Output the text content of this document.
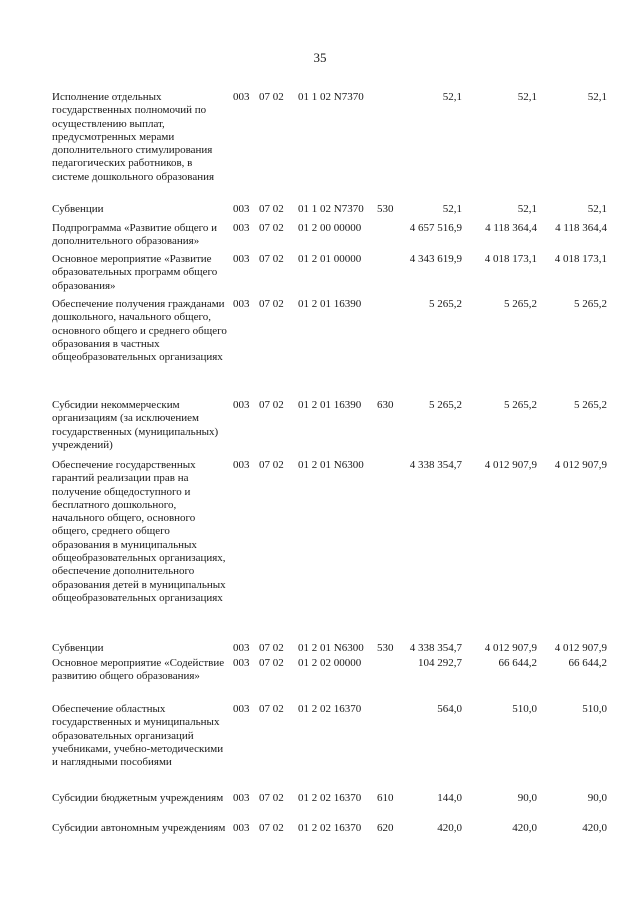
35
Исполнение отдельных государственных полномочий по осуществлению выплат, предусмотренных мерами дополнительного стимулирования педагогических работников, в системе дошкольного образования
003 07 02 01 1 02 N7370	52,1	52,1	52,1
Субвенции	003 07 02 01 1 02 N7370 530	52,1	52,1	52,1
Подпрограмма «Развитие общего и дополнительного образования»
003 07 02 01 2 00 00000	4 657 516,9	4 118 364,4	4 118 364,4
Основное мероприятие «Развитие образовательных программ общего образования»
003 07 02 01 2 01 00000	4 343 619,9	4 018 173,1	4 018 173,1
Обеспечение получения гражданами дошкольного, начального общего, основного общего и среднего общего образования в частных общеобразовательных организациях
003 07 02 01 2 01 16390	5 265,2	5 265,2	5 265,2
Субсидии некоммерческим организациям (за исключением государственных (муниципальных) учреждений)
003 07 02 01 2 01 16390 630	5 265,2	5 265,2	5 265,2
Обеспечение государственных гарантий реализации прав на получение общедоступного и бесплатного дошкольного, начального общего, основного общего, среднего общего образования в муниципальных общеобразовательных организациях, обеспечение дополнительного образования детей в муниципальных общеобразовательных организациях
003 07 02 01 2 01 N6300	4 338 354,7	4 012 907,9	4 012 907,9
Субвенции	003 07 02 01 2 01 N6300 530	4 338 354,7	4 012 907,9	4 012 907,9
Основное мероприятие «Содействие развитию общего образования»
003 07 02 01 2 02 00000	104 292,7	66 644,2	66 644,2
Обеспечение областных государственных и муниципальных образовательных организаций учебниками, учебно-методическими и наглядными пособиями
003 07 02 01 2 02 16370	564,0	510,0	510,0
Субсидии бюджетным учреждениям 003 07 02 01 2 02 16370 610	144,0	90,0	90,0
Субсидии автономным учреждениям 003 07 02 01 2 02 16370 620	420,0	420,0	420,0
